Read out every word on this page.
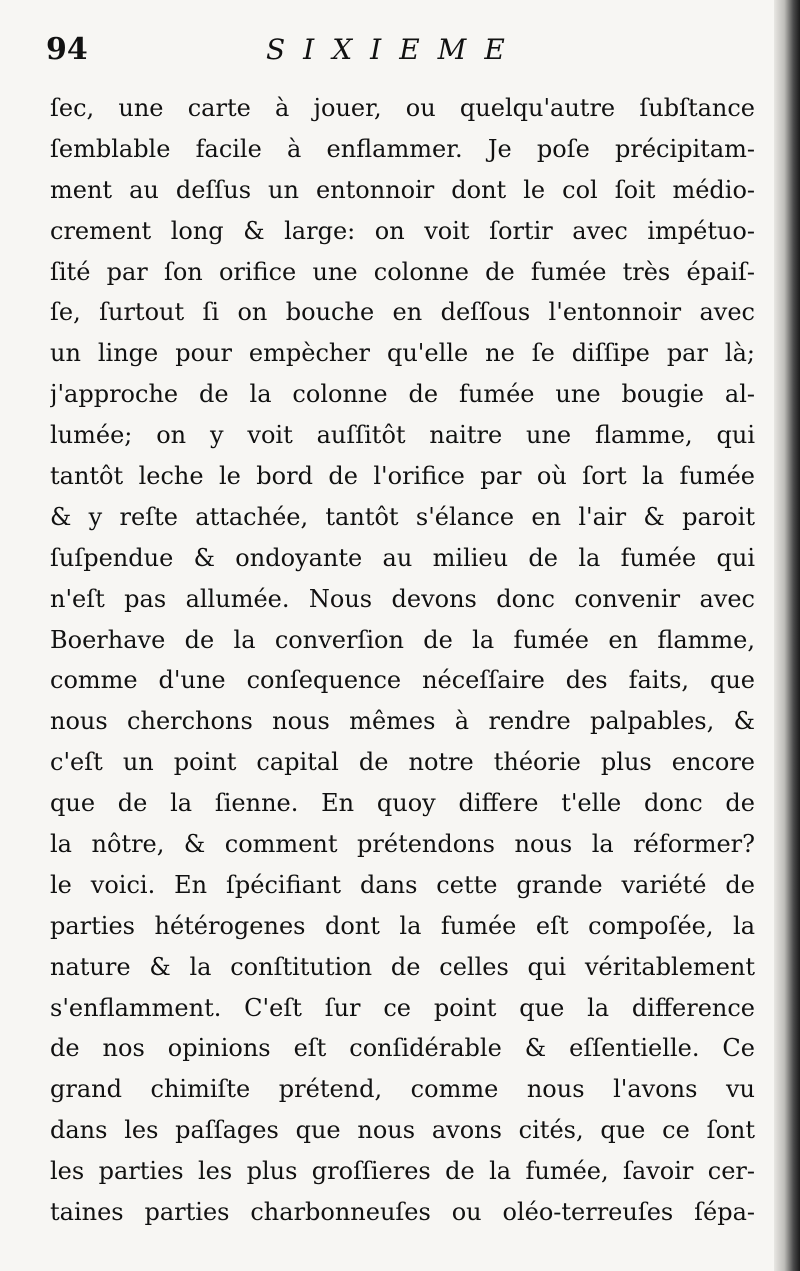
94	SIXIEME
ſec, une carte à jouer, ou quelqu'autre ſubſtance
ſemblable facile à enflammer. Je poſe précipitam-
ment au deſſus un entonnoir dont le col ſoit médio-
crement long & large: on voit ſortir avec impétuo-
ſité par ſon orifice une colonne de fumée très épaiſ-
ſe, ſurtout ſi on bouche en deſſous l'entonnoir avec
un linge pour empècher qu'elle ne ſe diſſipe par là;
j'approche de la colonne de fumée une bougie al-
lumée; on y voit auſſitôt naitre une flamme, qui
tantôt leche le bord de l'orifice par où ſort la fumée
& y reſte attachée, tantôt s'élance en l'air & paroit
ſuſpendue & ondoyante au milieu de la fumée qui
n'eſt pas allumée. Nous devons donc convenir avec
Boerhave de la converſion de la fumée en flamme,
comme d'une conſequence néceſſaire des faits, que
nous cherchons nous mêmes à rendre palpables, &
c'eſt un point capital de notre théorie plus encore
que de la ſienne. En quoy differe t'elle donc de
la nôtre, & comment prétendons nous la réformer?
le voici. En ſpécifiant dans cette grande variété de
parties hétérogenes dont la fumée eſt compoſée, la
nature & la conſtitution de celles qui véritablement
s'enflamment. C'eſt ſur ce point que la difference
de nos opinions eſt conſidérable & eſſentielle. Ce
grand chimiſte prétend, comme nous l'avons vu
dans les paſſages que nous avons cités, que ce ſont
les parties les plus groſſieres de la fumée, ſavoir cer-
taines parties charbonneuſes ou oléo-terreuſes ſépa-
